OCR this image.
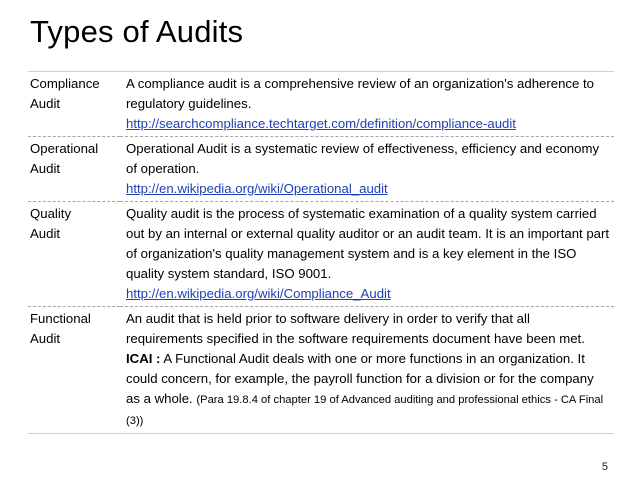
Types of Audits
Compliance
Audit	A compliance audit is a comprehensive review of an organization's adherence to regulatory guidelines.
http://searchcompliance.techtarget.com/definition/compliance-audit

Operational
Audit	Operational Audit is a systematic review of effectiveness, efficiency and economy of operation.
http://en.wikipedia.org/wiki/Operational_audit

Quality
Audit	Quality audit is the process of systematic examination of a quality system carried out by an internal or external quality auditor or an audit team. It is an important part of organization's quality management system and is a key element in the ISO quality system standard, ISO 9001.
http://en.wikipedia.org/wiki/Compliance_Audit

Functional
Audit	An audit that is held prior to software delivery in order to verify that all requirements specified in the software requirements document have been met.
ICAI : A Functional Audit deals with one or more functions in an organization. It could concern, for example, the payroll function for a division or for the company as a whole. (Para 19.8.4 of chapter 19 of Advanced auditing and professional ethics - CA Final (3))
5
